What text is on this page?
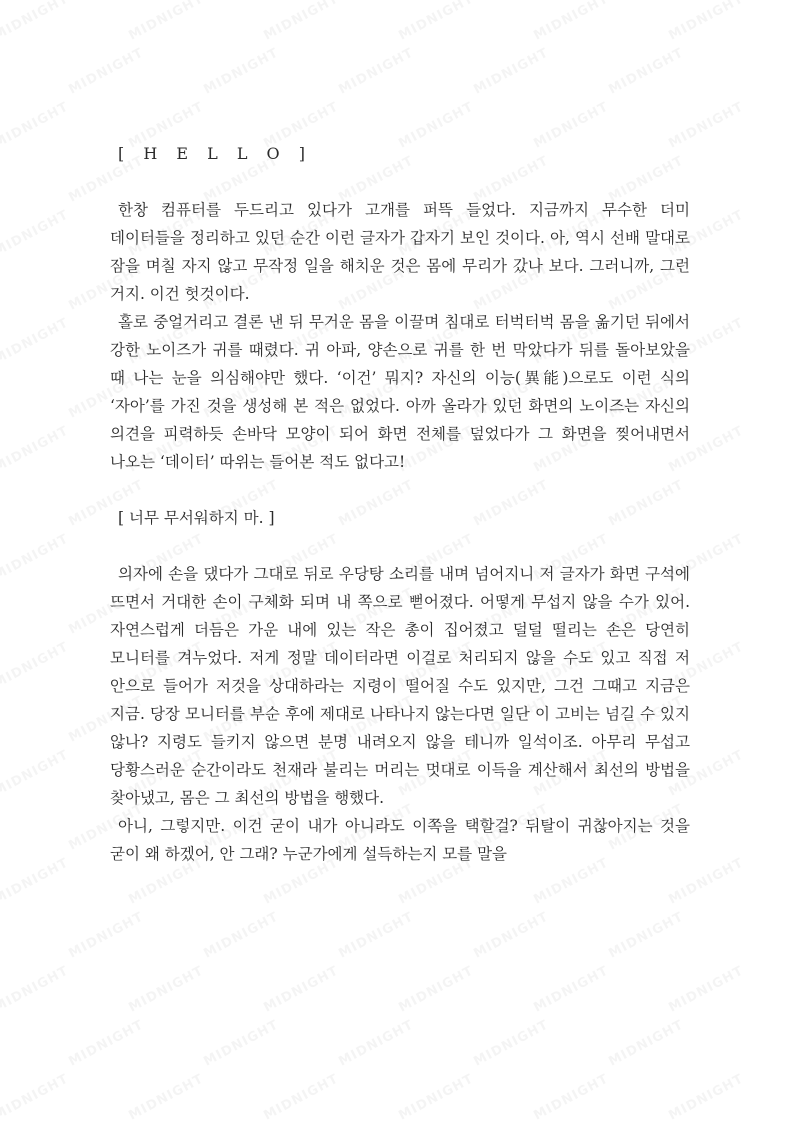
[ H E L L O ]

한창 컴퓨터를 두드리고 있다가 고개를 퍼뜩 들었다. 지금까지 무수한 더미 데이터들을 정리하고 있던 순간 이런 글자가 갑자기 보인 것이다. 아, 역시 선배 말대로 잠을 며칠 자지 않고 무작정 일을 해치운 것은 몸에 무리가 갔나 보다. 그러니까, 그런 거지. 이건 헛것이다.

홀로 중얼거리고 결론 낸 뒤 무거운 몸을 이끌며 침대로 터벅터벅 몸을 옮기던 뒤에서 강한 노이즈가 귀를 때렸다. 귀 아파, 양손으로 귀를 한 번 막았다가 뒤를 돌아보았을 때 나는 눈을 의심해야만 했다. ‘이건’ 뭐지? 자신의 이능(異能)으로도 이런 식의 ‘자아’를 가진 것을 생성해 본 적은 없었다. 아까 올라가 있던 화면의 노이즈는 자신의 의견을 피력하듯 손바닥 모양이 되어 화면 전체를 덮었다가 그 화면을 찢어내면서 나오는 ‘데이터’ 따위는 들어본 적도 없다고!

[ 너무 무서워하지 마. ]

의자에 손을 댔다가 그대로 뒤로 우당탕 소리를 내며 넘어지니 저 글자가 화면 구석에 뜨면서 거대한 손이 구체화 되며 내 쪽으로 뻗어졌다. 어떻게 무섭지 않을 수가 있어. 자연스럽게 더듬은 가운 내에 있는 작은 총이 집어졌고 덜덜 떨리는 손은 당연히 모니터를 겨누었다. 저게 정말 데이터라면 이걸로 처리되지 않을 수도 있고 직접 저 안으로 들어가 저것을 상대하라는 지령이 떨어질 수도 있지만, 그건 그때고 지금은 지금. 당장 모니터를 부순 후에 제대로 나타나지 않는다면 일단 이 고비는 넘길 수 있지 않나? 지령도 들키지 않으면 분명 내려오지 않을 테니까 일석이조. 아무리 무섭고 당황스러운 순간이라도 천재라 불리는 머리는 멋대로 이득을 계산해서 최선의 방법을 찾아냈고, 몸은 그 최선의 방법을 행했다.

아니, 그렇지만. 이건 굳이 내가 아니라도 이쪽을 택할걸? 뒤탈이 귀찮아지는 것을 굳이 왜 하겠어, 안 그래? 누군가에게 설득하는지 모를 말을
